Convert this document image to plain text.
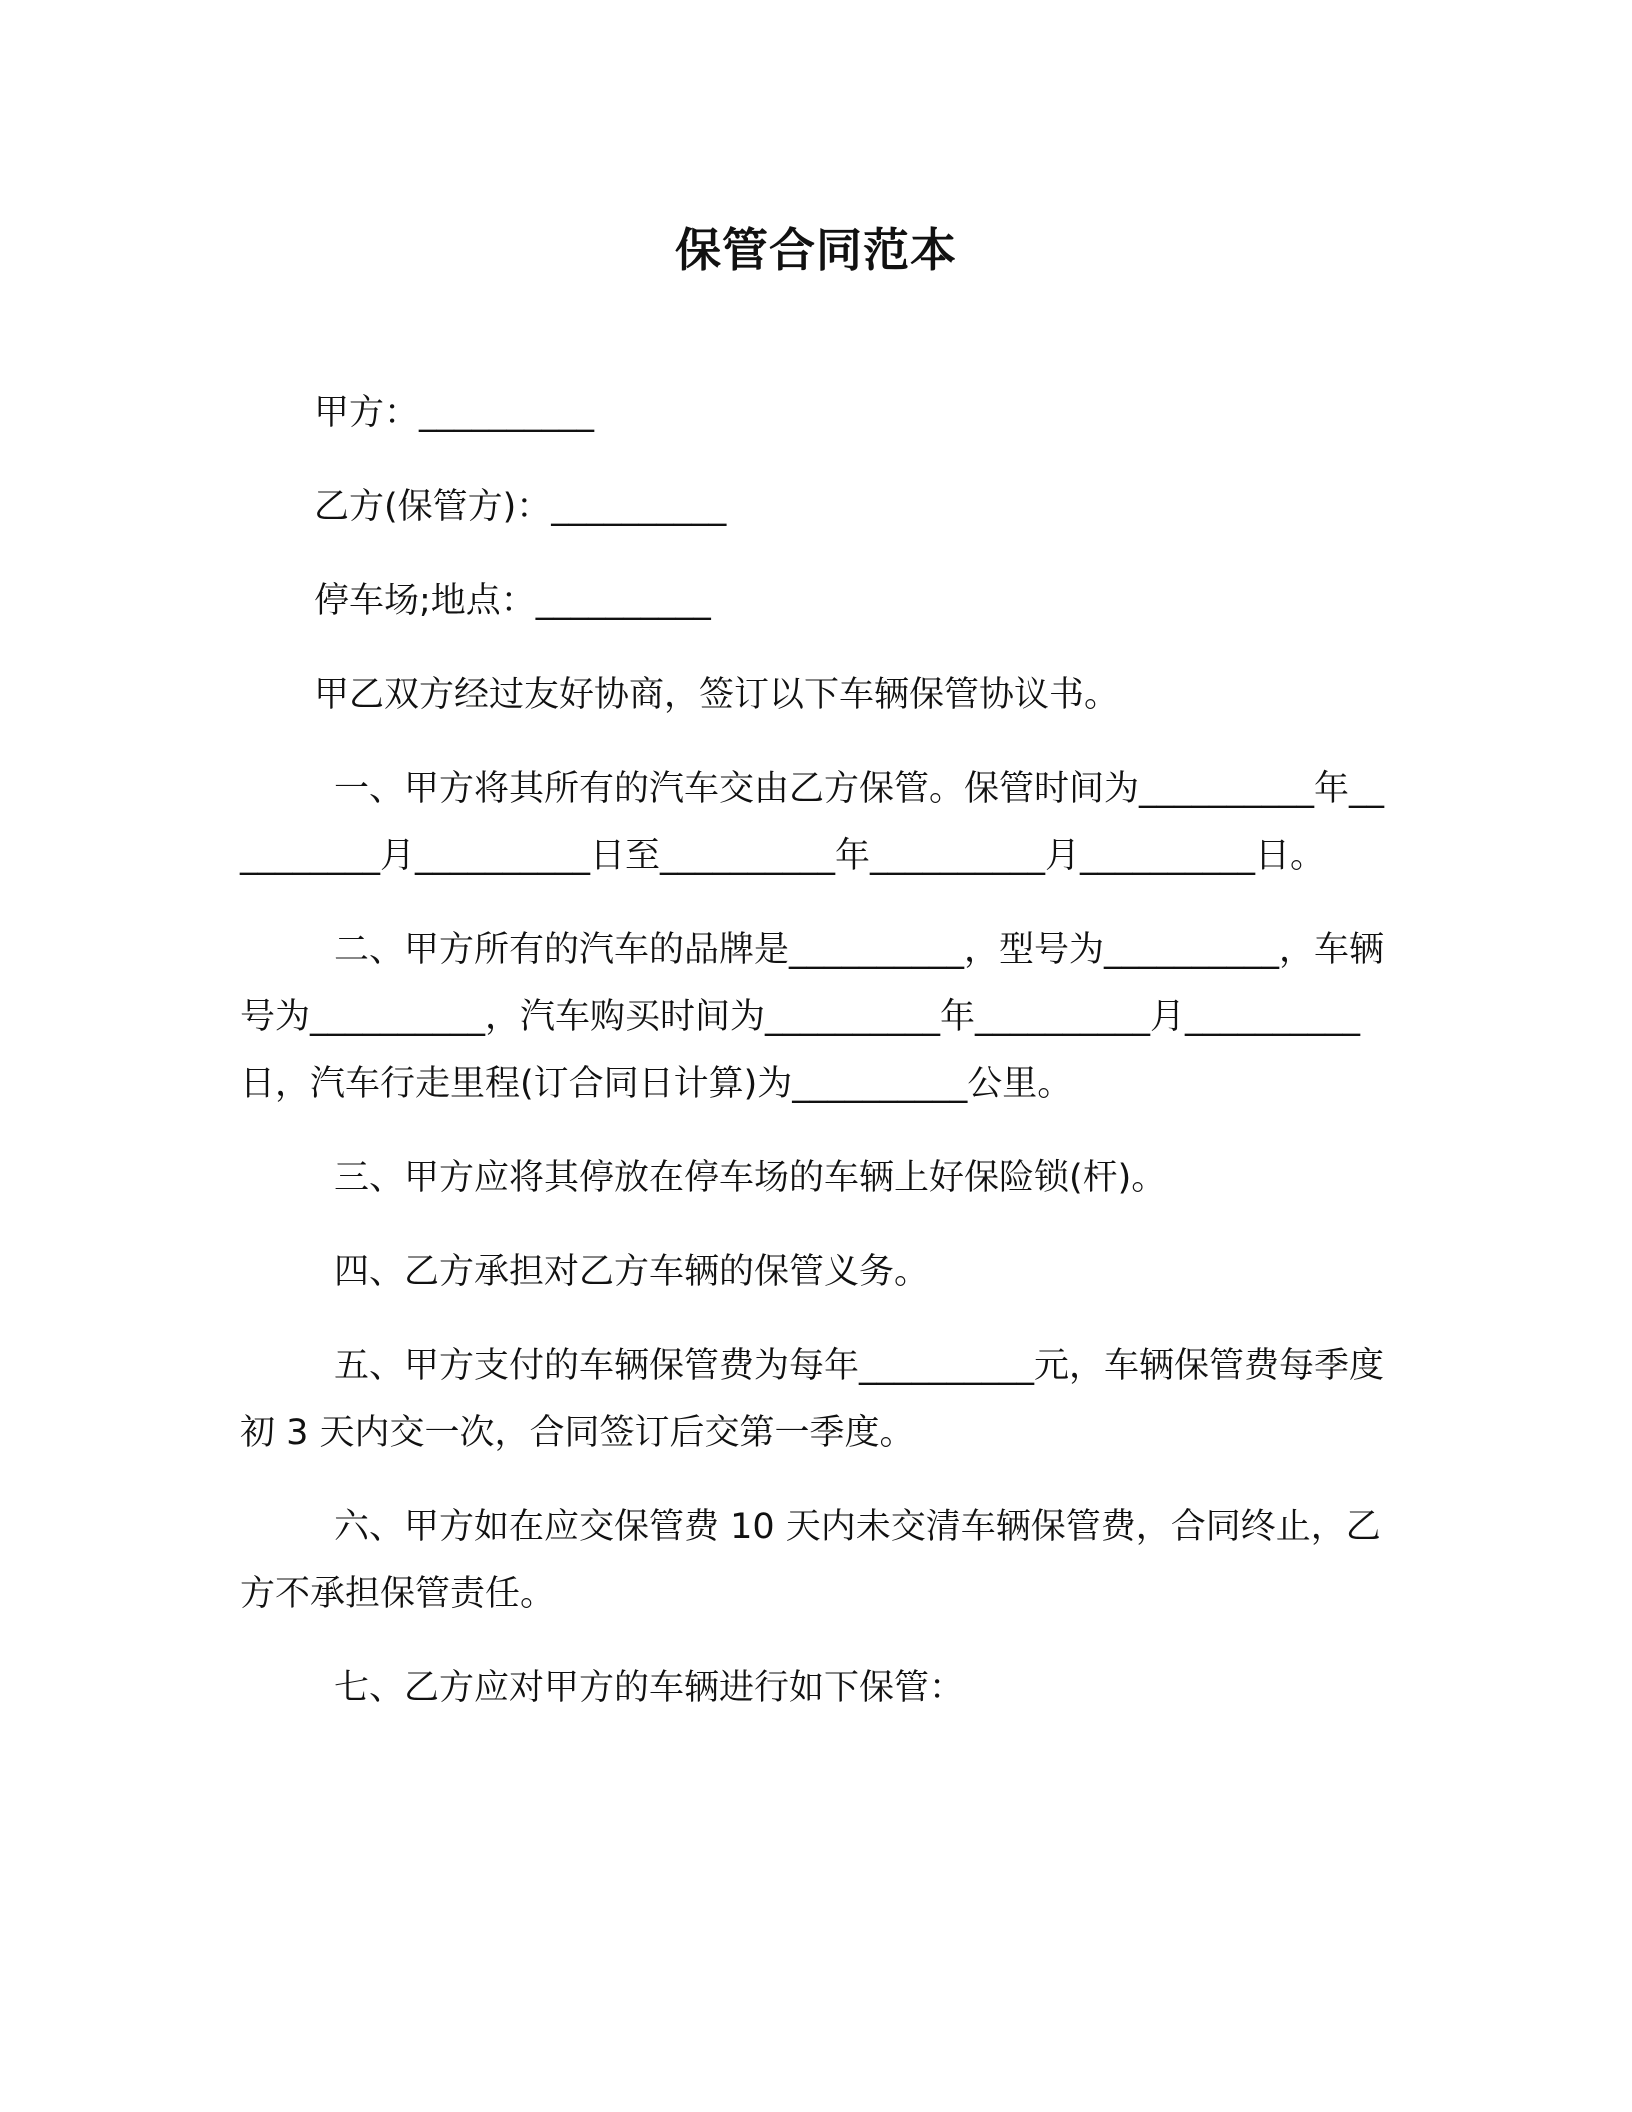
保管合同范本

甲方：__________

乙方(保管方)：__________

停车场;地点：__________

甲乙双方经过友好协商，签订以下车辆保管协议书。

一、甲方将其所有的汽车交由乙方保管。保管时间为__________年__________月__________日至__________年__________月__________日。

二、甲方所有的汽车的品牌是__________，型号为__________，车辆号为__________，汽车购买时间为__________年__________月__________日，汽车行走里程(订合同日计算)为__________公里。

三、甲方应将其停放在停车场的车辆上好保险锁(杆)。

四、乙方承担对乙方车辆的保管义务。

五、甲方支付的车辆保管费为每年__________元，车辆保管费每季度初 3 天内交一次，合同签订后交第一季度。

六、甲方如在应交保管费 10 天内未交清车辆保管费，合同终止，乙方不承担保管责任。

七、乙方应对甲方的车辆进行如下保管：
